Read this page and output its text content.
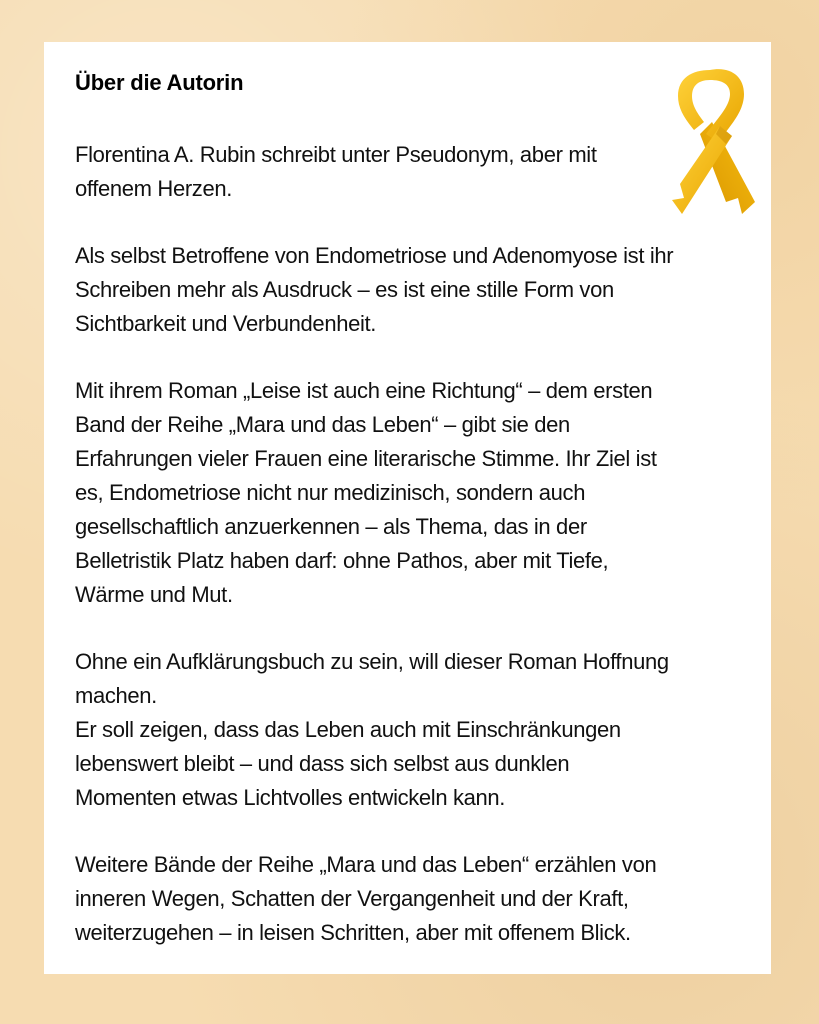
Über die Autorin
Florentina A. Rubin schreibt unter Pseudonym, aber mit
offenem Herzen.
Als selbst Betroffene von Endometriose und Adenomyose ist ihr
Schreiben mehr als Ausdruck – es ist eine stille Form von
Sichtbarkeit und Verbundenheit.
Mit ihrem Roman „Leise ist auch eine Richtung“ – dem ersten
Band der Reihe „Mara und das Leben“ – gibt sie den
Erfahrungen vieler Frauen eine literarische Stimme. Ihr Ziel ist
es, Endometriose nicht nur medizinisch, sondern auch
gesellschaftlich anzuerkennen – als Thema, das in der
Belletristik Platz haben darf: ohne Pathos, aber mit Tiefe,
Wärme und Mut.
Ohne ein Aufklärungsbuch zu sein, will dieser Roman Hoffnung
machen.
Er soll zeigen, dass das Leben auch mit Einschränkungen
lebenswert bleibt – und dass sich selbst aus dunklen
Momenten etwas Lichtvolles entwickeln kann.
Weitere Bände der Reihe „Mara und das Leben“ erzählen von
inneren Wegen, Schatten der Vergangenheit und der Kraft,
weiterzugehen – in leisen Schritten, aber mit offenem Blick.
